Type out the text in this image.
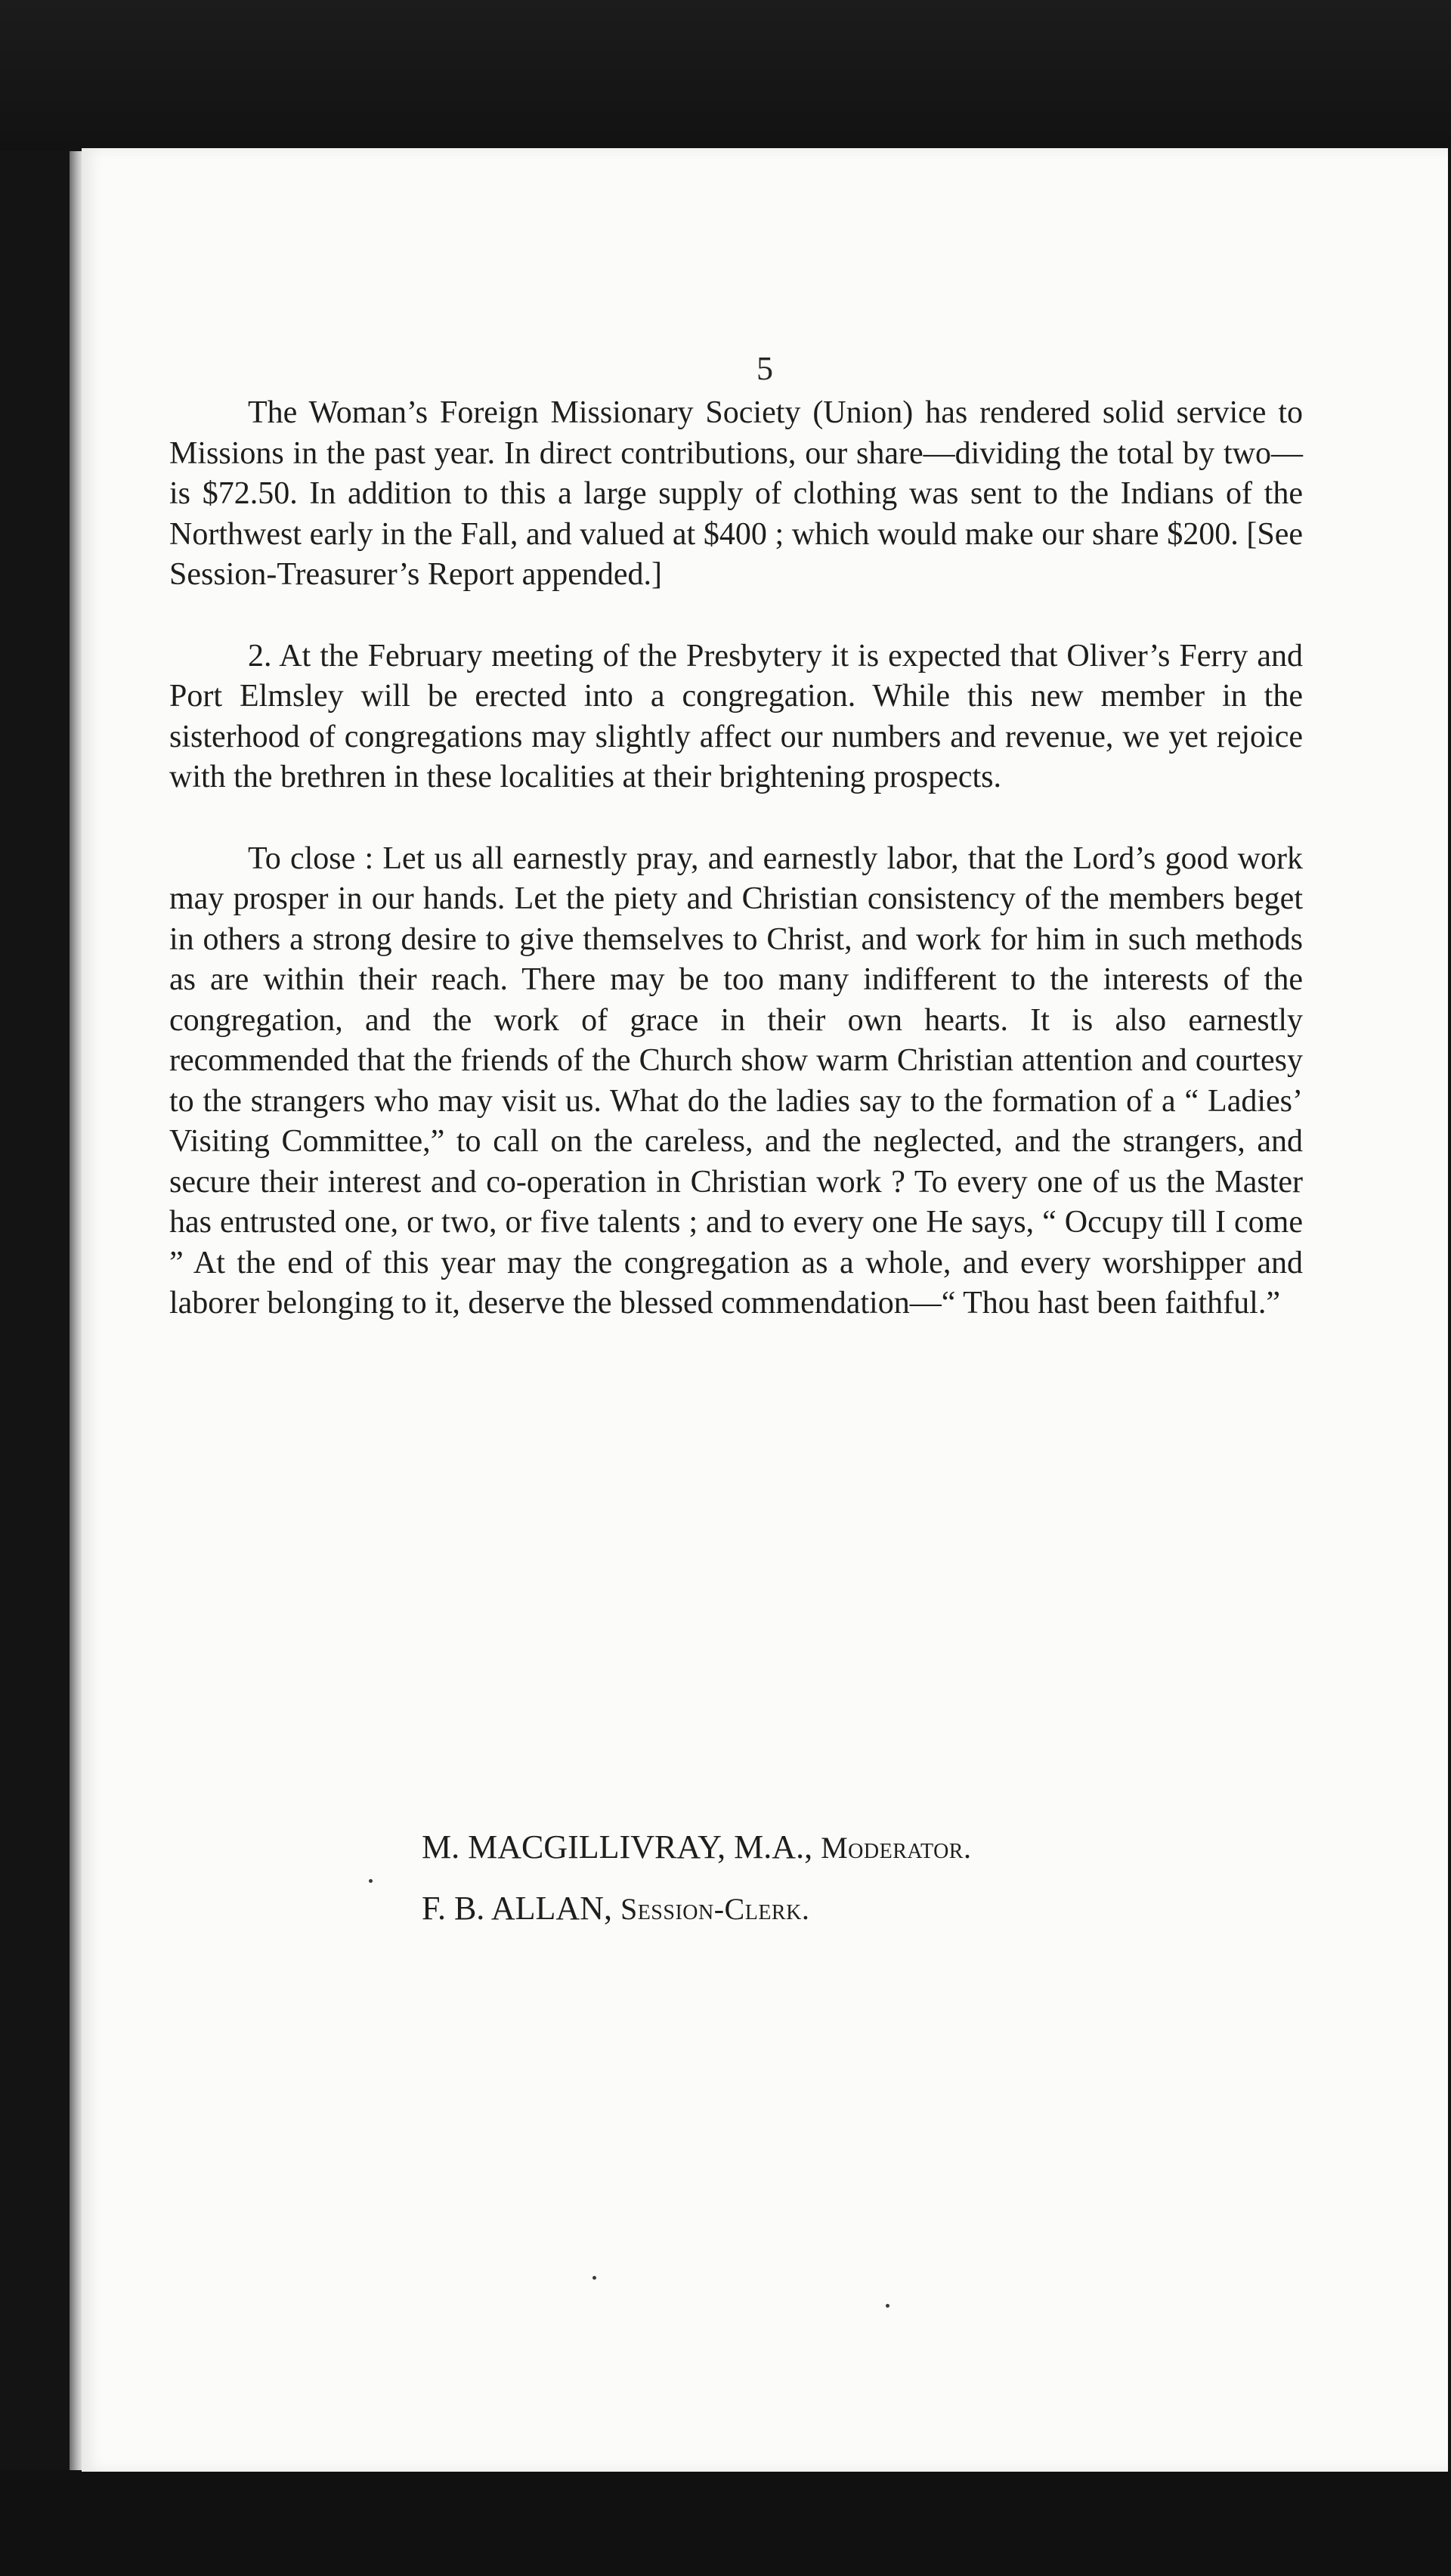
5

The Woman’s Foreign Missionary Society (Union) has rendered solid service to Missions in the past year. In direct contributions, our share—dividing the total by two—is $72.50. In addition to this a large supply of clothing was sent to the Indians of the Northwest early in the Fall, and valued at $400 ; which would make our share $200. [See Session-Treasurer’s Report appended.]

2. At the February meeting of the Presbytery it is expected that Oliver’s Ferry and Port Elmsley will be erected into a congregation. While this new member in the sisterhood of congregations may slightly affect our numbers and revenue, we yet rejoice with the brethren in these localities at their brightening prospects.

To close : Let us all earnestly pray, and earnestly labor, that the Lord’s good work may prosper in our hands. Let the piety and Christian consistency of the members beget in others a strong desire to give themselves to Christ, and work for him in such methods as are within their reach. There may be too many indifferent to the interests of the congregation, and the work of grace in their own hearts. It is also earnestly recommended that the friends of the Church show warm Christian attention and courtesy to the strangers who may visit us. What do the ladies say to the formation of a “ Ladies’ Visiting Committee,” to call on the careless, and the neglected, and the strangers, and secure their interest and co-operation in Christian work ? To every one of us the Master has entrusted one, or two, or five talents ; and to every one He says, “ Occupy till I come ” At the end of this year may the congregation as a whole, and every worshipper and laborer belonging to it, deserve the blessed commendation—“ Thou hast been faithful.”

M. MACGILLIVRAY, M.A., Moderator.

F. B. ALLAN, Session-Clerk.
